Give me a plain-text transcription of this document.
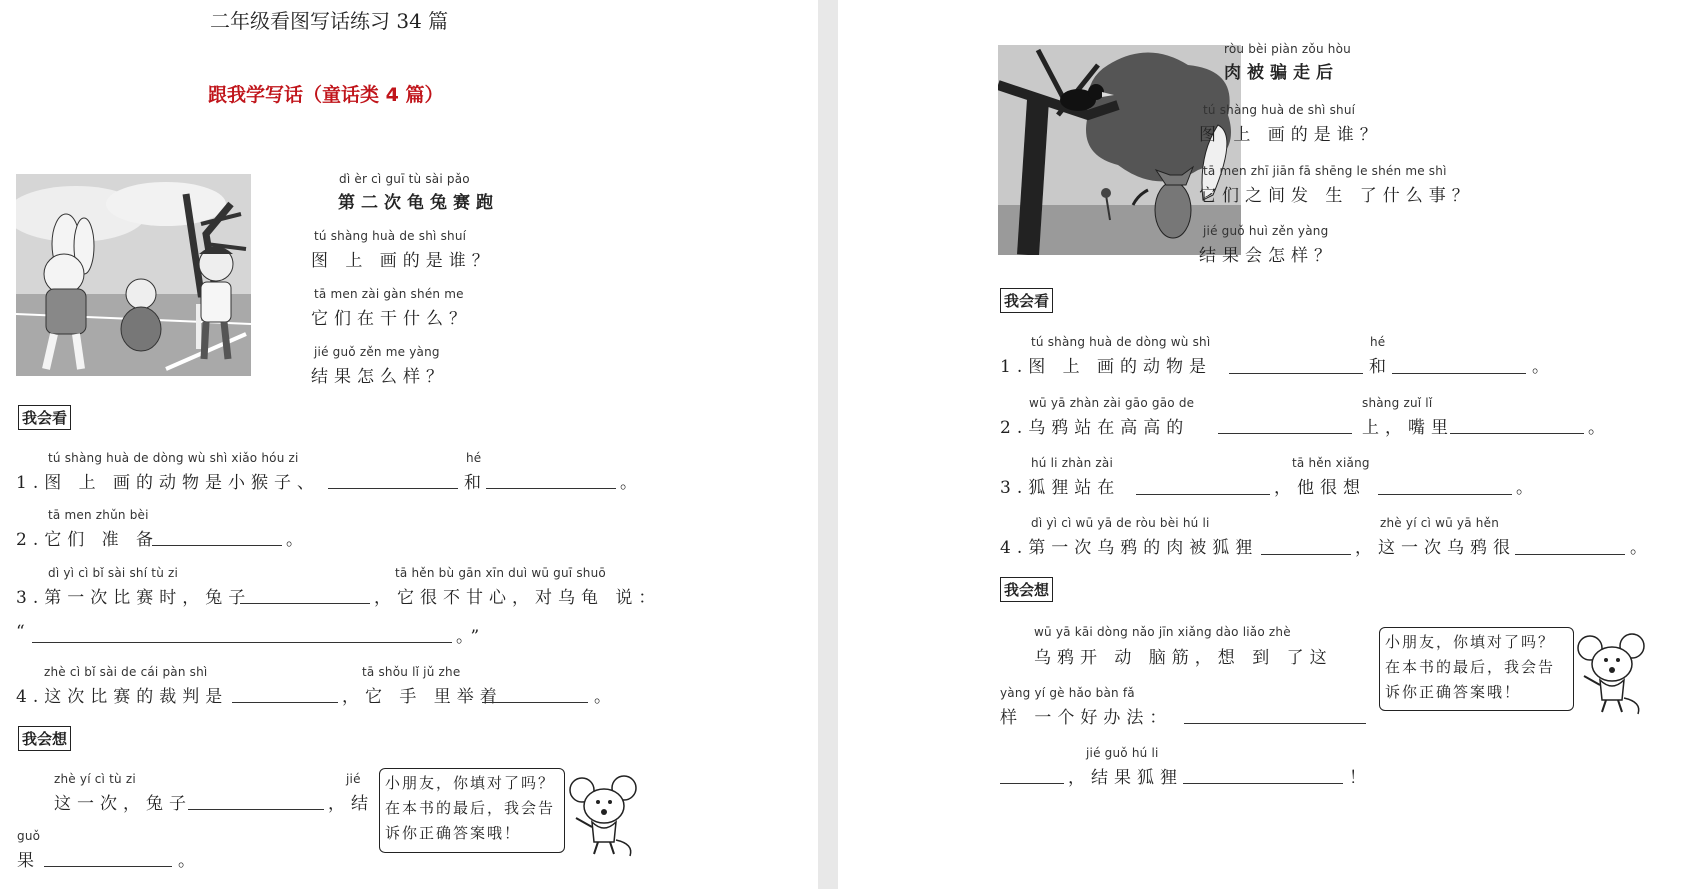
二年级看图写话练习 34 篇
跟我学写话（童话类 4 篇）
dì èr cì guī tù sài pǎo
第二次龟兔赛跑
tú shàng huà de shì shuí
图 上 画的是谁？
tā men zài gàn shén me
它们在干什么？
jié guǒ zěn me yàng
结果怎么样？
我会看
tú shàng huà de dòng wù shì xiǎo hóu zi
1.图 上 画的动物是小猴子、
hé
和	。
tā men zhǔn bèi
2.它们 准 备	。
dì yì cì bǐ sài shí tù zi
3.第一次比赛时，兔子
tā hěn bù gān xīn duì wū guī shuō
，它很不甘心，对乌龟 说：
“	。”
zhè cì bǐ sài de cái pàn shì
4.这次比赛的裁判是
tā shǒu lǐ jǔ zhe
，它 手 里举着	。
我会想
zhè yí cì tù zi
这一次，兔子
jié
，结
guǒ
果	。
小朋友，你填对了吗？
在本书的最后，我会告
诉你正确答案哦！
ròu bèi piàn zǒu hòu
肉被骗走后
tú shàng huà de shì shuí
图 上 画的是谁？
tā men zhī jiān fā shēng le shén me shì
它们之间发 生 了什么事？
jié guǒ huì zěn yàng
结果会怎样？
我会看
tú shàng huà de dòng wù shì
1.图 上 画的动物是
hé
和	。
wū yā zhàn zài gāo gāo de
2.乌鸦站在高高的
shàng zuǐ lǐ
上，嘴里	。
hú li zhàn zài
3.狐狸站在
tā hěn xiǎng
，他很想	。
dì yì cì wū yā de ròu bèi hú li
4.第一次乌鸦的肉被狐狸
zhè yí cì wū yā hěn
，这一次乌鸦很	。
我会想
wū yā kāi dòng nǎo jīn xiǎng dào liǎo zhè
乌鸦开 动 脑筋，想 到 了这
yàng yí gè hǎo bàn fǎ
样 一个好办法：
jié guǒ hú li
，结果狐狸	！
小朋友，你填对了吗？
在本书的最后，我会告
诉你正确答案哦！
